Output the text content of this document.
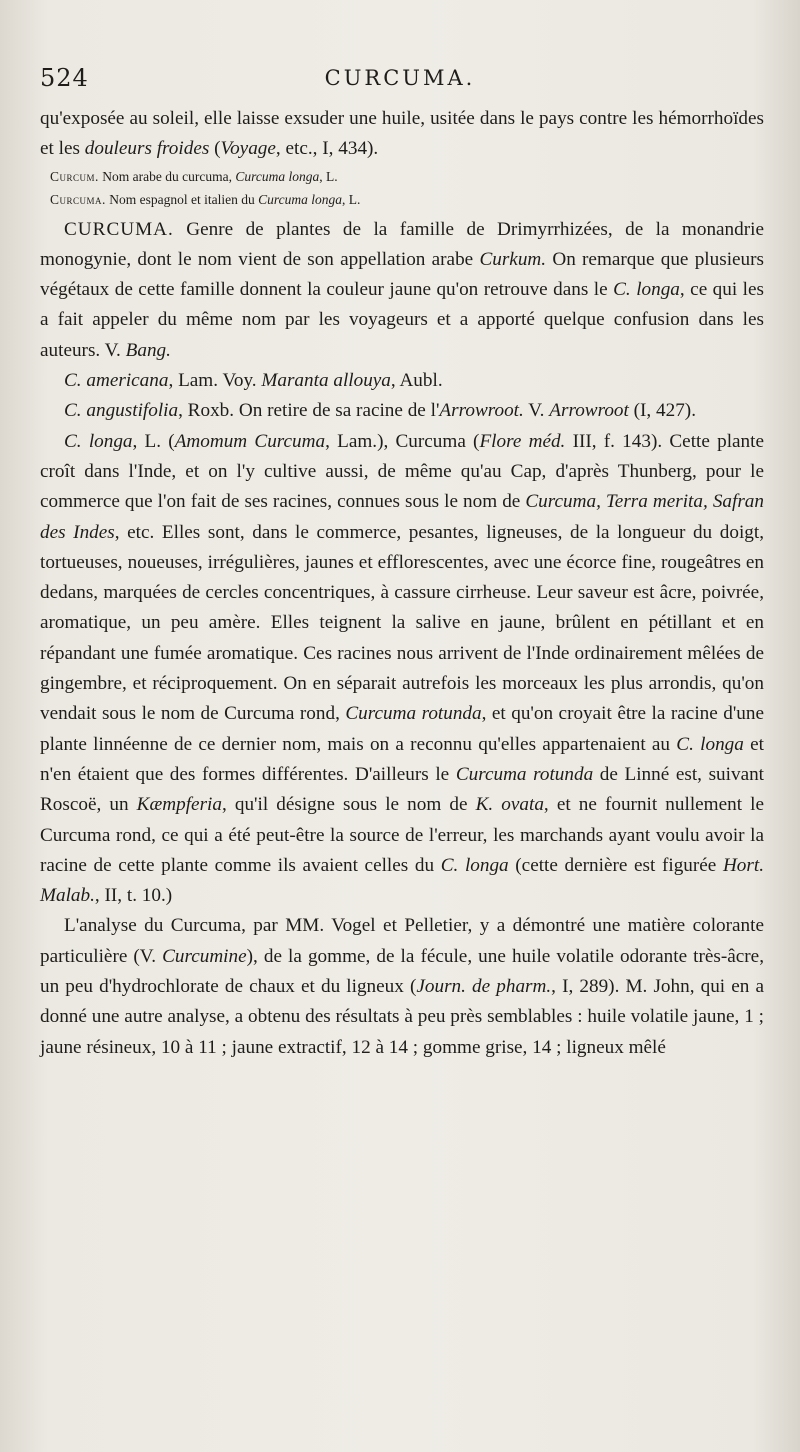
524	CURCUMA.

qu'exposée au soleil, elle laisse exsuder une huile, usitée dans le pays contre les hémorrhoïdes et les douleurs froides (Voyage, etc., I, 434).

Curcum. Nom arabe du curcuma, Curcuma longa, L.

Curcuma. Nom espagnol et italien du Curcuma longa, L.

CURCUMA. Genre de plantes de la famille de Drimyrrhizées, de la monandrie monogynie, dont le nom vient de son appellation arabe Curkum. On remarque que plusieurs végétaux de cette famille donnent la couleur jaune qu'on retrouve dans le C. longa, ce qui les a fait appeler du même nom par les voyageurs et a apporté quelque confusion dans les auteurs. V. Bang.

C. americana, Lam. Voy. Maranta allouya, Aubl.

C. angustifolia, Roxb. On retire de sa racine de l'Arrowroot. V. Arrowroot (I, 427).

C. longa, L. (Amomum Curcuma, Lam.), Curcuma (Flore méd. III, f. 143). Cette plante croît dans l'Inde, et on l'y cultive aussi, de même qu'au Cap, d'après Thunberg, pour le commerce que l'on fait de ses racines, connues sous le nom de Curcuma, Terra merita, Safran des Indes, etc. Elles sont, dans le commerce, pesantes, ligneuses, de la longueur du doigt, tortueuses, noueuses, irrégulières, jaunes et efflorescentes, avec une écorce fine, rougeâtres en dedans, marquées de cercles concentriques, à cassure cirrheuse. Leur saveur est âcre, poivrée, aromatique, un peu amère. Elles teignent la salive en jaune, brûlent en pétillant et en répandant une fumée aromatique. Ces racines nous arrivent de l'Inde ordinairement mêlées de gingembre, et réciproquement. On en séparait autrefois les morceaux les plus arrondis, qu'on vendait sous le nom de Curcuma rond, Curcuma rotunda, et qu'on croyait être la racine d'une plante linnéenne de ce dernier nom, mais on a reconnu qu'elles appartenaient au C. longa et n'en étaient que des formes différentes. D'ailleurs le Curcuma rotunda de Linné est, suivant Roscoë, un Kæmpferia, qu'il désigne sous le nom de K. ovata, et ne fournit nullement le Curcuma rond, ce qui a été peut-être la source de l'erreur, les marchands ayant voulu avoir la racine de cette plante comme ils avaient celles du C. longa (cette dernière est figurée Hort. Malab., II, t. 10.)

L'analyse du Curcuma, par MM. Vogel et Pelletier, y a démontré une matière colorante particulière (V. Curcumine), de la gomme, de la fécule, une huile volatile odorante très-âcre, un peu d'hydrochlorate de chaux et du ligneux (Journ. de pharm., I, 289). M. John, qui en a donné une autre analyse, a obtenu des résultats à peu près semblables : huile volatile jaune, 1 ; jaune résineux, 10 à 11 ; jaune extractif, 12 à 14 ; gomme grise, 14 ; ligneux mêlé
